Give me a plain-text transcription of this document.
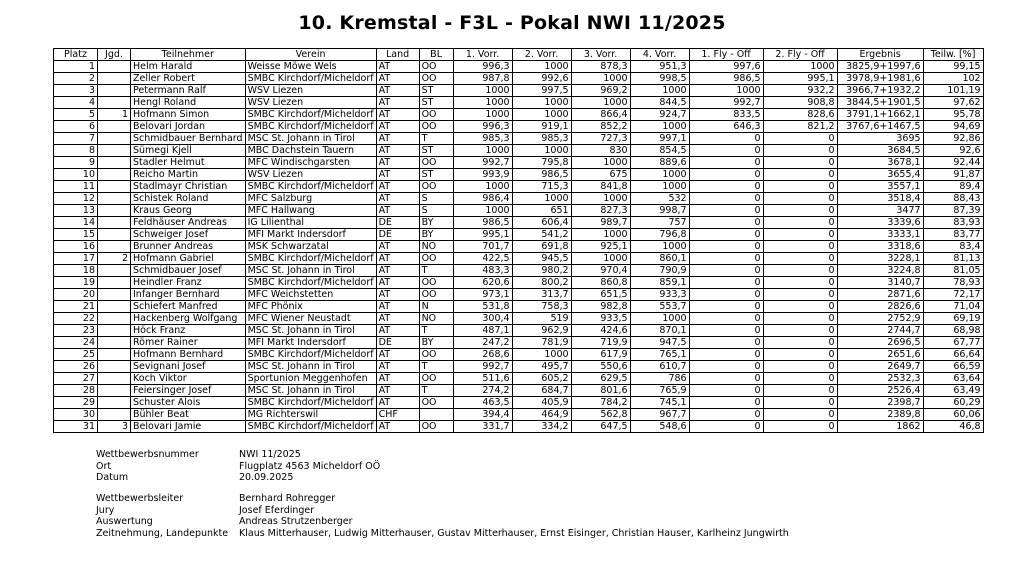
10. Kremstal - F3L - Pokal NWI 11/2025
Platz	Jgd.	Teilnehmer	Verein	Land	BL	1. Vorr.	2. Vorr.	3. Vorr.	4. Vorr.	1. Fly - Off	2. Fly - Off	Ergebnis	Teilw. [%]
1		Helm Harald	Weisse Möwe Wels	AT	OÖ	996,3	1000	878,3	951,3	997,6	1000	3825,9+1997,6	99,15
2		Zeller Robert	SMBC Kirchdorf/Micheldorf	AT	OÖ	987,8	992,6	1000	998,5	986,5	995,1	3978,9+1981,6	102
3		Petermann Ralf	WSV Liezen	AT	ST	1000	997,5	969,2	1000	1000	932,2	3966,7+1932,2	101,19
4		Hengl Roland	WSV Liezen	AT	ST	1000	1000	1000	844,5	992,7	908,8	3844,5+1901,5	97,62
5	1	Hofmann Simon	SMBC Kirchdorf/Micheldorf	AT	OÖ	1000	1000	866,4	924,7	833,5	828,6	3791,1+1662,1	95,78
6		Belovari Jordan	SMBC Kirchdorf/Micheldorf	AT	OÖ	996,3	919,1	852,2	1000	646,3	821,2	3767,6+1467,5	94,69
7		Schmidbauer Bernhard	MSC St. Johann in Tirol	AT	T	985,3	985,3	727,3	997,1	0	0	3695	92,86
8		Sümegi Kjell	MBC Dachstein Tauern	AT	ST	1000	1000	830	854,5	0	0	3684,5	92,6
9		Stadler Helmut	MFC Windischgarsten	AT	OÖ	992,7	795,8	1000	889,6	0	0	3678,1	92,44
10		Reicho Martin	WSV Liezen	AT	ST	993,9	986,5	675	1000	0	0	3655,4	91,87
11		Stadlmayr Christian	SMBC Kirchdorf/Micheldorf	AT	OÖ	1000	715,3	841,8	1000	0	0	3557,1	89,4
12		Schistek Roland	MFC Salzburg	AT	S	986,4	1000	1000	532	0	0	3518,4	88,43
13		Kraus Georg	MFC Hallwang	AT	S	1000	651	827,3	998,7	0	0	3477	87,39
14		Feldhäuser Andreas	IG Lilienthal	DE	BY	986,5	606,4	989,7	757	0	0	3339,6	83,93
15		Schweiger Josef	MFI Markt Indersdorf	DE	BY	995,1	541,2	1000	796,8	0	0	3333,1	83,77
16		Brunner Andreas	MSK Schwarzatal	AT	NÖ	701,7	691,8	925,1	1000	0	0	3318,6	83,4
17	2	Hofmann Gabriel	SMBC Kirchdorf/Micheldorf	AT	OÖ	422,5	945,5	1000	860,1	0	0	3228,1	81,13
18		Schmidbauer Josef	MSC St. Johann in Tirol	AT	T	483,3	980,2	970,4	790,9	0	0	3224,8	81,05
19		Heindler Franz	SMBC Kirchdorf/Micheldorf	AT	OÖ	620,6	800,2	860,8	859,1	0	0	3140,7	78,93
20		Infanger Bernhard	MFC Weichstetten	AT	OÖ	973,1	313,7	651,5	933,3	0	0	2871,6	72,17
21		Schiefert Manfred	MFC Phönix	AT	N	531,8	758,3	982,8	553,7	0	0	2826,6	71,04
22		Hackenberg Wolfgang	MFC Wiener Neustadt	AT	NÖ	300,4	519	933,5	1000	0	0	2752,9	69,19
23		Höck Franz	MSC St. Johann in Tirol	AT	T	487,1	962,9	424,6	870,1	0	0	2744,7	68,98
24		Römer Rainer	MFI Markt Indersdorf	DE	BY	247,2	781,9	719,9	947,5	0	0	2696,5	67,77
25		Hofmann Bernhard	SMBC Kirchdorf/Micheldorf	AT	OÖ	268,6	1000	617,9	765,1	0	0	2651,6	66,64
26		Sevignani Josef	MSC St. Johann in Tirol	AT	T	992,7	495,7	550,6	610,7	0	0	2649,7	66,59
27		Koch Viktor	Sportunion Meggenhofen	AT	OÖ	511,6	605,2	629,5	786	0	0	2532,3	63,64
28		Feiersinger Josef	MSC St. Johann in Tirol	AT	T	274,2	684,7	801,6	765,9	0	0	2526,4	63,49
29		Schuster Alois	SMBC Kirchdorf/Micheldorf	AT	OÖ	463,5	405,9	784,2	745,1	0	0	2398,7	60,29
30		Bühler Beat	MG Richterswil	CHF		394,4	464,9	562,8	967,7	0	0	2389,8	60,06
31	3	Belovari Jamie	SMBC Kirchdorf/Micheldorf	AT	OÖ	331,7	334,2	647,5	548,6	0	0	1862	46,8
Wettbewerbsnummer	NWI 11/2025
Ort	Flugplatz 4563 Micheldorf OÖ
Datum	20.09.2025
Wettbewerbsleiter	Bernhard Rohregger
Jury	Josef Eferdinger
Auswertung	Andreas Strutzenberger
Zeitnehmung, Landepunkte	Klaus Mitterhauser, Ludwig Mitterhauser, Gustav Mitterhauser, Ernst Eisinger, Christian Hauser, Karlheinz Jungwirth
